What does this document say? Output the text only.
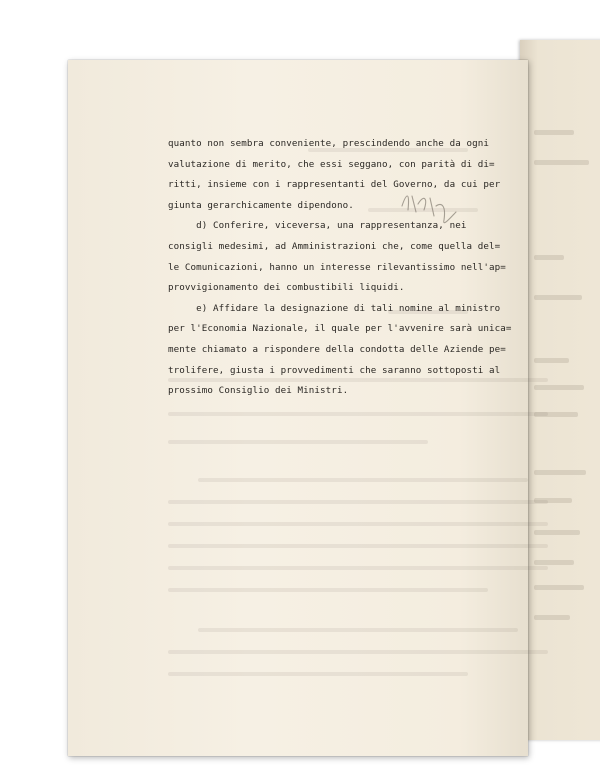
quanto non sembra conveniente, prescindendo anche da ogni
valutazione di merito, che essi seggano, con parità di di=
ritti, insieme con i rappresentanti del Governo, da cui per
giunta gerarchicamente dipendono.
d) Conferire, viceversa, una rappresentanza, nei
consigli medesimi, ad Amministrazioni che, come quella del=
le Comunicazioni, hanno un interesse rilevantissimo nell'ap=
provvigionamento dei combustibili liquidi.
e) Affidare la designazione di tali nomine al ministro
per l'Economia Nazionale, il quale per l'avvenire sarà unica=
mente chiamato a rispondere della condotta delle Aziende pe=
trolifere, giusta i provvedimenti che saranno sottoposti al
prossimo Consiglio dei Ministri.
